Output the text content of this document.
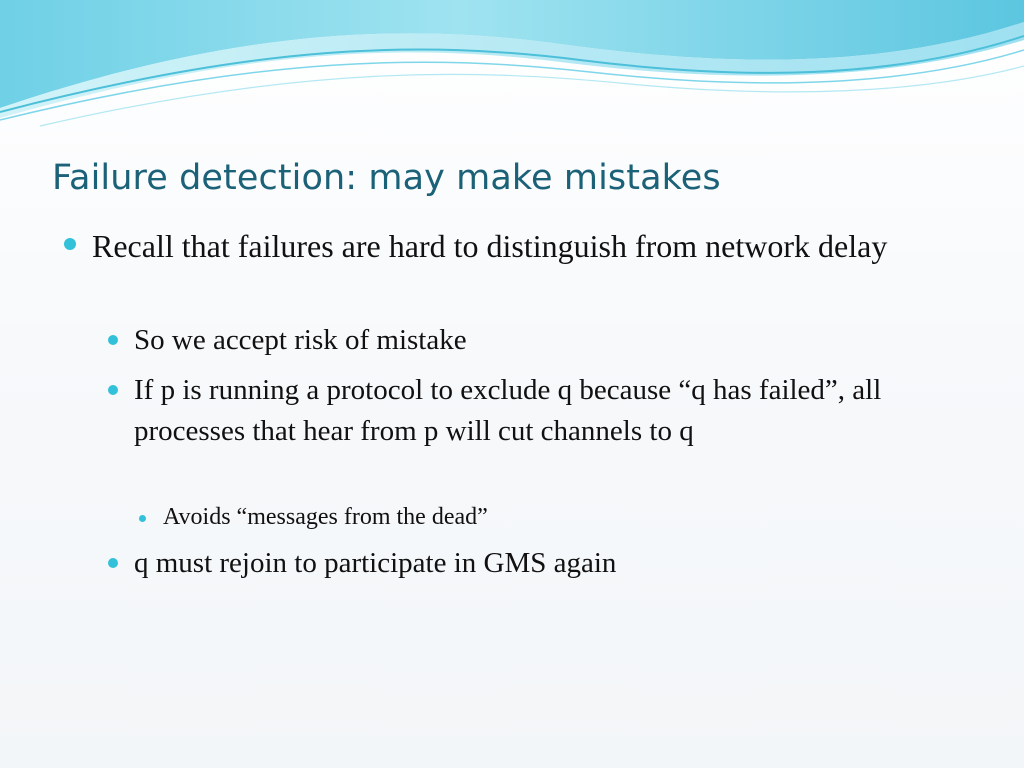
Failure detection: may make mistakes
Recall that failures are hard to distinguish from network delay
So we accept risk of mistake
If p is running a protocol to exclude q because “q has failed”, all processes that hear from p will cut channels to q
Avoids “messages from the dead”
q must rejoin to participate in GMS again
